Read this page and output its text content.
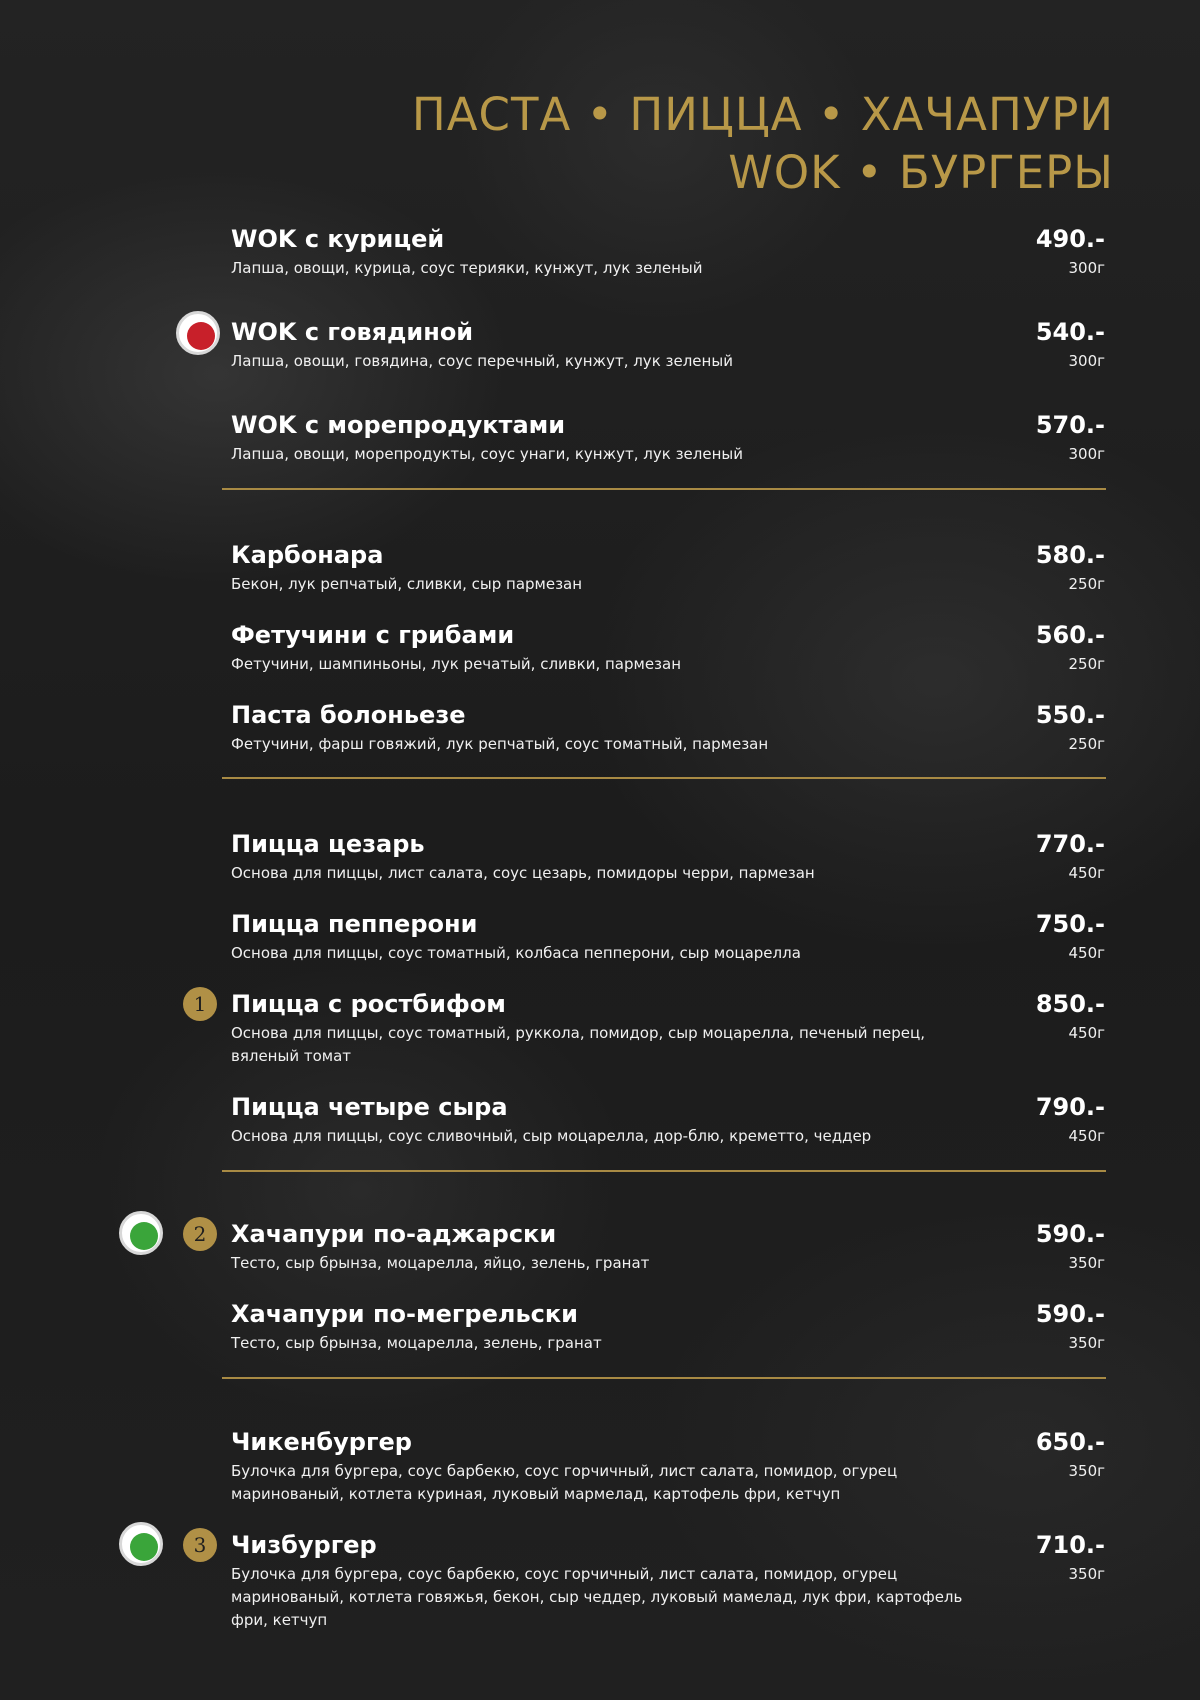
ПАСТА • ПИЦЦА • ХАЧАПУРИ
WOK • БУРГЕРЫ
WOK с курицей	490.-
Лапша, овощи, курица, соус терияки, кунжут, лук зеленый	300г
WOK с говядиной	540.-
Лапша, овощи, говядина, соус перечный, кунжут, лук зеленый	300г
WOK с морепродуктами	570.-
Лапша, овощи, морепродукты, соус унаги, кунжут, лук зеленый	300г
Карбонара	580.-
Бекон, лук репчатый, сливки, сыр пармезан	250г
Фетучини с грибами	560.-
Фетучини, шампиньоны, лук речатый, сливки, пармезан	250г
Паста болоньезе	550.-
Фетучини, фарш говяжий, лук репчатый, соус томатный, пармезан	250г
Пицца цезарь	770.-
Основа для пиццы, лист салата, соус цезарь, помидоры черри, пармезан	450г
Пицца пепперони	750.-
Основа для пиццы, соус томатный, колбаса пепперони, сыр моцарелла	450г
1	Пицца с ростбифом	850.-
Основа для пиццы, соус томатный, руккола, помидор, сыр моцарелла, печеный перец, вяленый томат
450г
Пицца четыре сыра	790.-
Основа для пиццы, соус сливочный, сыр моцарелла, дор-блю, креметто, чеддер	450г
2	Хачапури по-аджарски	590.-
Тесто, сыр брынза, моцарелла, яйцо, зелень, гранат	350г
Хачапури по-мегрельски	590.-
Тесто, сыр брынза, моцарелла, зелень, гранат	350г
Чикенбургер	650.-
Булочка для бургера, соус барбекю, соус горчичный, лист салата, помидор, огурец маринованый, котлета куриная, луковый мармелад, картофель фри, кетчуп
350г
3	Чизбургер	710.-
Булочка для бургера, соус барбекю, соус горчичный, лист салата, помидор, огурец маринованый, котлета говяжья, бекон, сыр чеддер, луковый мамелад, лук фри, картофель фри, кетчуп
350г
